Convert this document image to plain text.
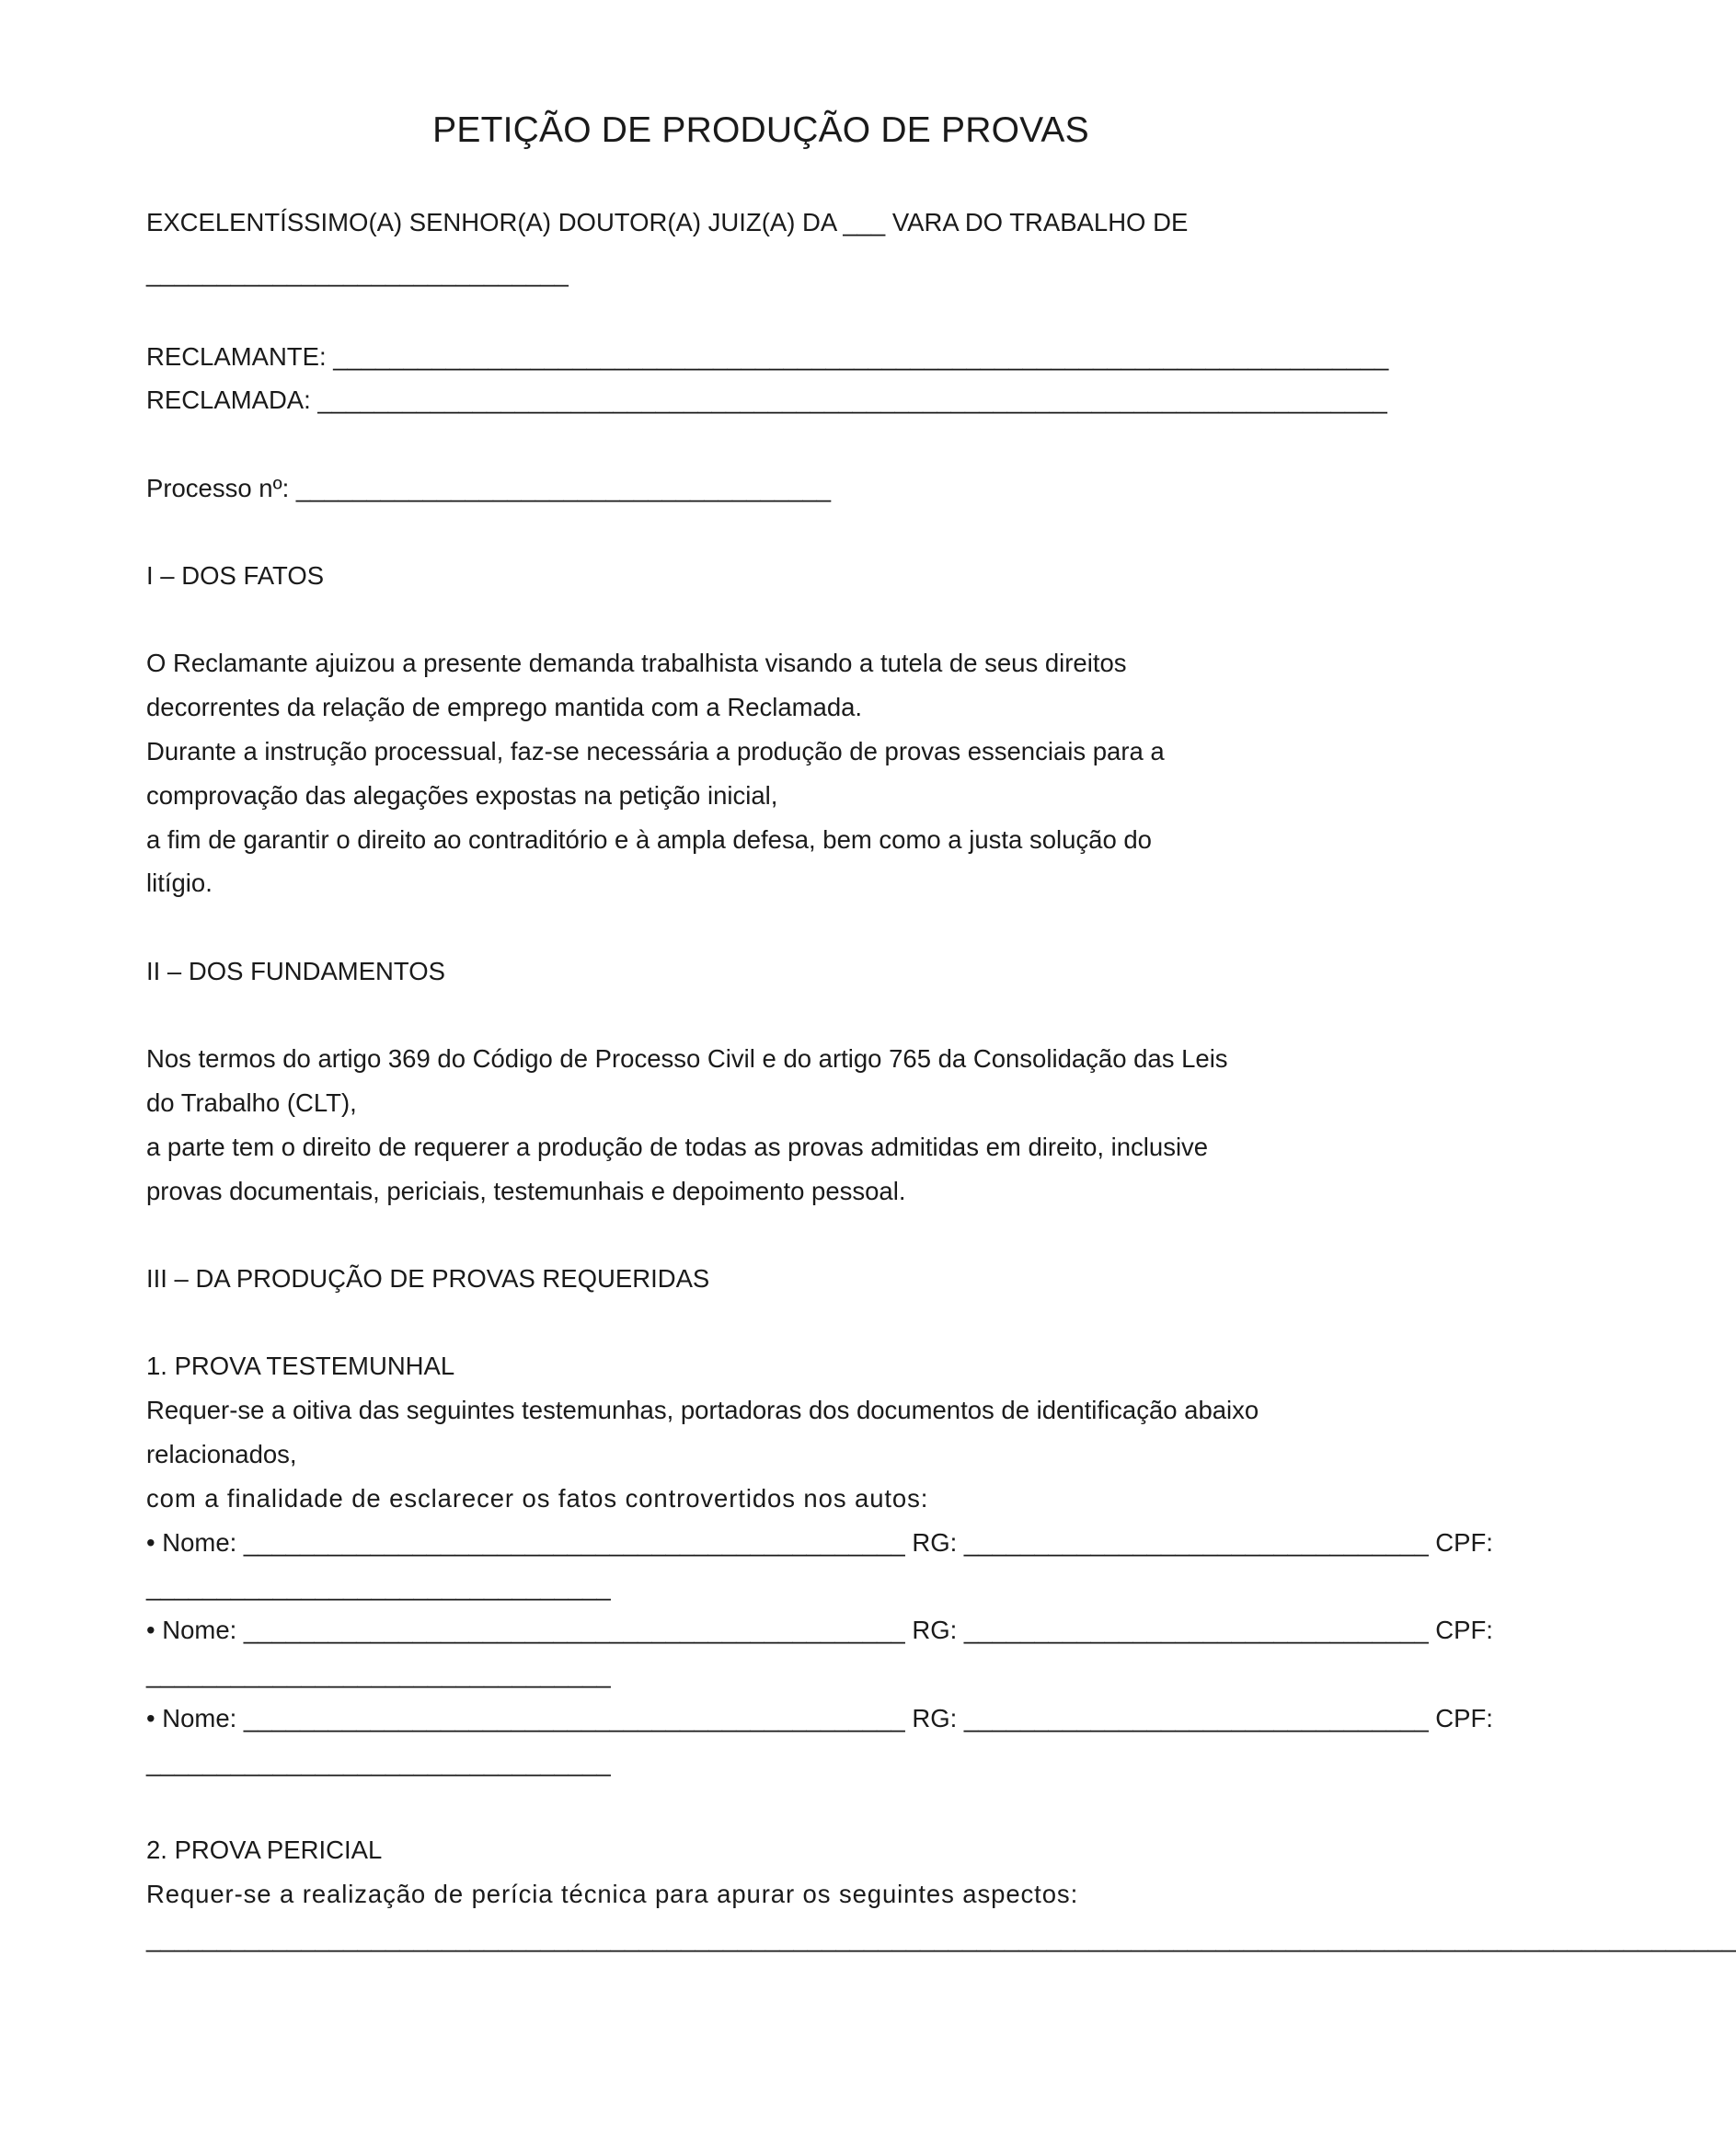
PETIÇÃO DE PRODUÇÃO DE PROVAS
EXCELENTÍSSIMO(A) SENHOR(A) DOUTOR(A) JUIZ(A) DA ___ VARA DO TRABALHO DE
______________________________
RECLAMANTE: ___________________________________________________________________________
RECLAMADA: ____________________________________________________________________________
Processo nº: ______________________________________
I – DOS FATOS
O Reclamante ajuizou a presente demanda trabalhista visando a tutela de seus direitos
decorrentes da relação de emprego mantida com a Reclamada.
Durante a instrução processual, faz-se necessária a produção de provas essenciais para a
comprovação das alegações expostas na petição inicial,
a fim de garantir o direito ao contraditório e à ampla defesa, bem como a justa solução do
litígio.
II – DOS FUNDAMENTOS
Nos termos do artigo 369 do Código de Processo Civil e do artigo 765 da Consolidação das Leis
do Trabalho (CLT),
a parte tem o direito de requerer a produção de todas as provas admitidas em direito, inclusive
provas documentais, periciais, testemunhais e depoimento pessoal.
III – DA PRODUÇÃO DE PROVAS REQUERIDAS
1. PROVA TESTEMUNHAL
Requer-se a oitiva das seguintes testemunhas, portadoras dos documentos de identificação abaixo
relacionados,
com a finalidade de esclarecer os fatos controvertidos nos autos:
• Nome: _______________________________________________ RG: _________________________________ CPF:
_________________________________
• Nome: _______________________________________________ RG: _________________________________ CPF:
_________________________________
• Nome: _______________________________________________ RG: _________________________________ CPF:
_________________________________
2. PROVA PERICIAL
Requer-se a realização de perícia técnica para apurar os seguintes aspectos:
_________________________________________________________________________________________________________________
